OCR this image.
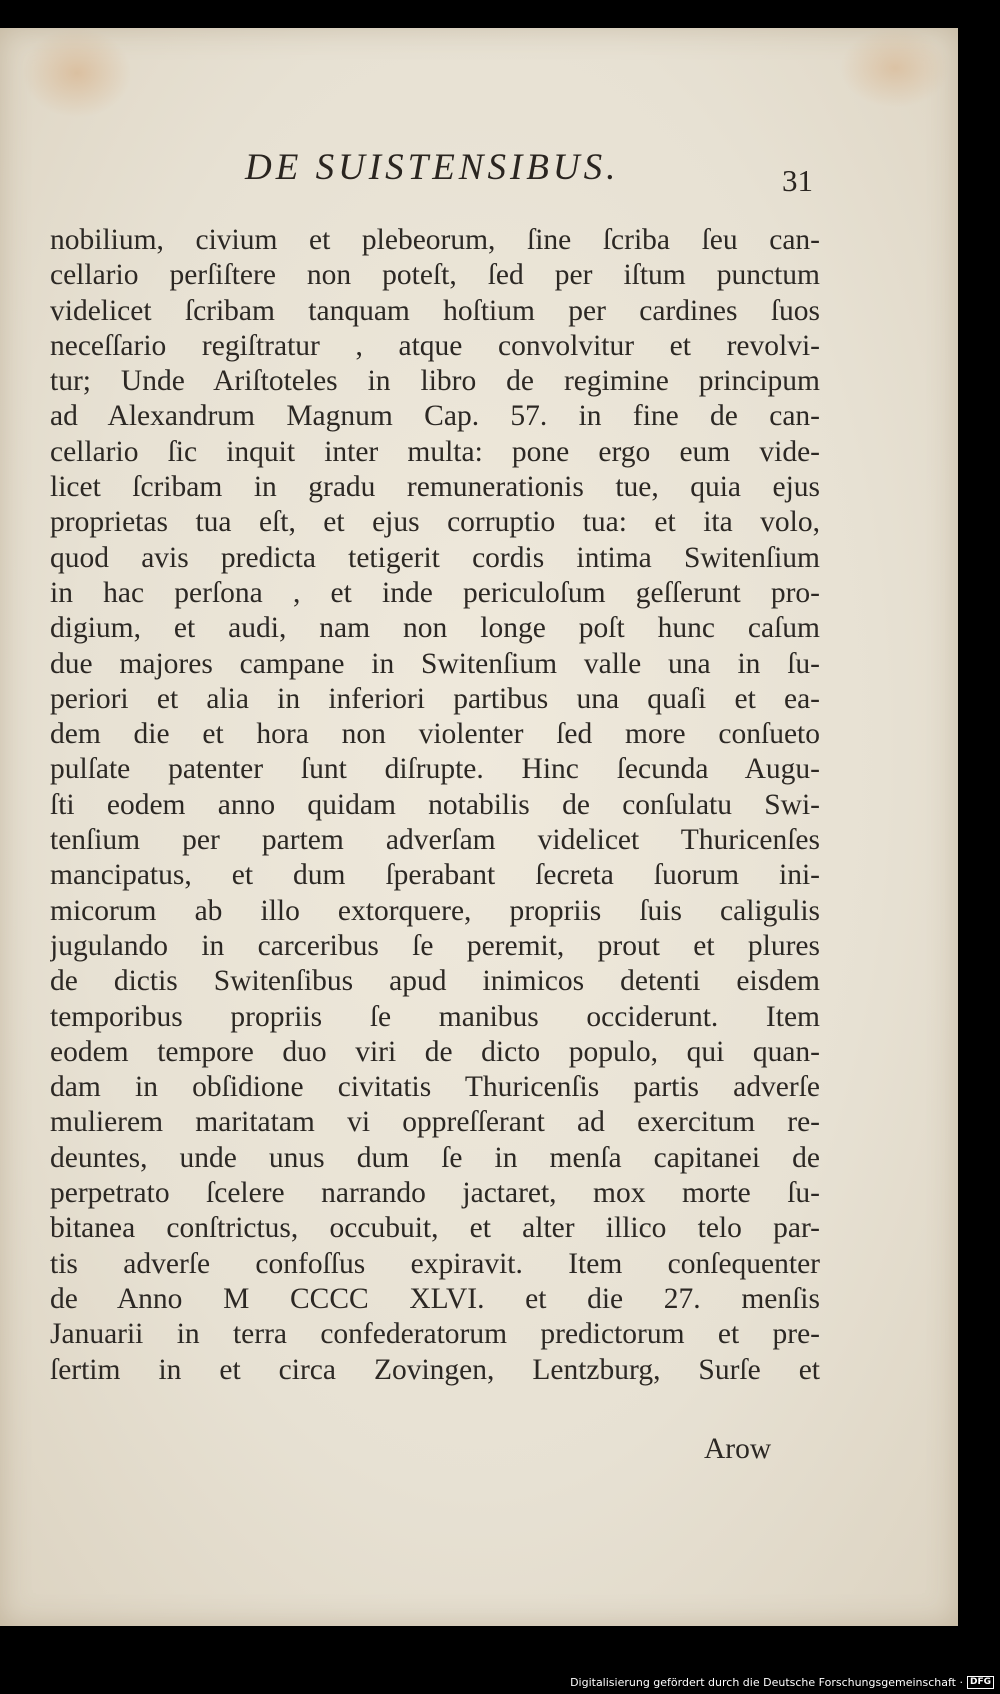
DE SUISTENSIBUS.	31
nobilium, civium et plebeorum, ſine ſcriba ſeu can-
cellario perſiſtere non poteſt, ſed per iſtum punctum
videlicet ſcribam tanquam hoſtium per cardines ſuos
neceſſario regiſtratur , atque convolvitur et revolvi-
tur; Unde Ariſtoteles in libro de regimine principum
ad Alexandrum Magnum Cap. 57. in fine de can-
cellario ſic inquit inter multa: pone ergo eum vide-
licet ſcribam in gradu remunerationis tue, quia ejus
proprietas tua eſt, et ejus corruptio tua: et ita volo,
quod avis predicta tetigerit cordis intima Switenſium
in hac perſona , et inde periculoſum geſſerunt pro-
digium, et audi, nam non longe poſt hunc caſum
due majores campane in Switenſium valle una in ſu-
periori et alia in inferiori partibus una quaſi et ea-
dem die et hora non violenter ſed more conſueto
pulſate patenter ſunt diſrupte. Hinc ſecunda Augu-
ſti eodem anno quidam notabilis de conſulatu Swi-
tenſium per partem adverſam videlicet Thuricenſes
mancipatus, et dum ſperabant ſecreta ſuorum ini-
micorum ab illo extorquere, propriis ſuis caligulis
jugulando in carceribus ſe peremit, prout et plures
de dictis Switenſibus apud inimicos detenti eisdem
temporibus propriis ſe manibus occiderunt. Item
eodem tempore duo viri de dicto populo, qui quan-
dam in obſidione civitatis Thuricenſis partis adverſe
mulierem maritatam vi oppreſſerant ad exercitum re-
deuntes, unde unus dum ſe in menſa capitanei de
perpetrato ſcelere narrando jactaret, mox morte ſu-
bitanea conſtrictus, occubuit, et alter illico telo par-
tis adverſe confoſſus expiravit. Item conſequenter
de Anno M CCCC XLVI. et die 27. menſis
Januarii in terra confederatorum predictorum et pre-
ſertim in et circa Zovingen, Lentzburg, Surſe et
Arow
Digitalisierung gefördert durch die Deutsche Forschungsgemeinschaft · DFG
